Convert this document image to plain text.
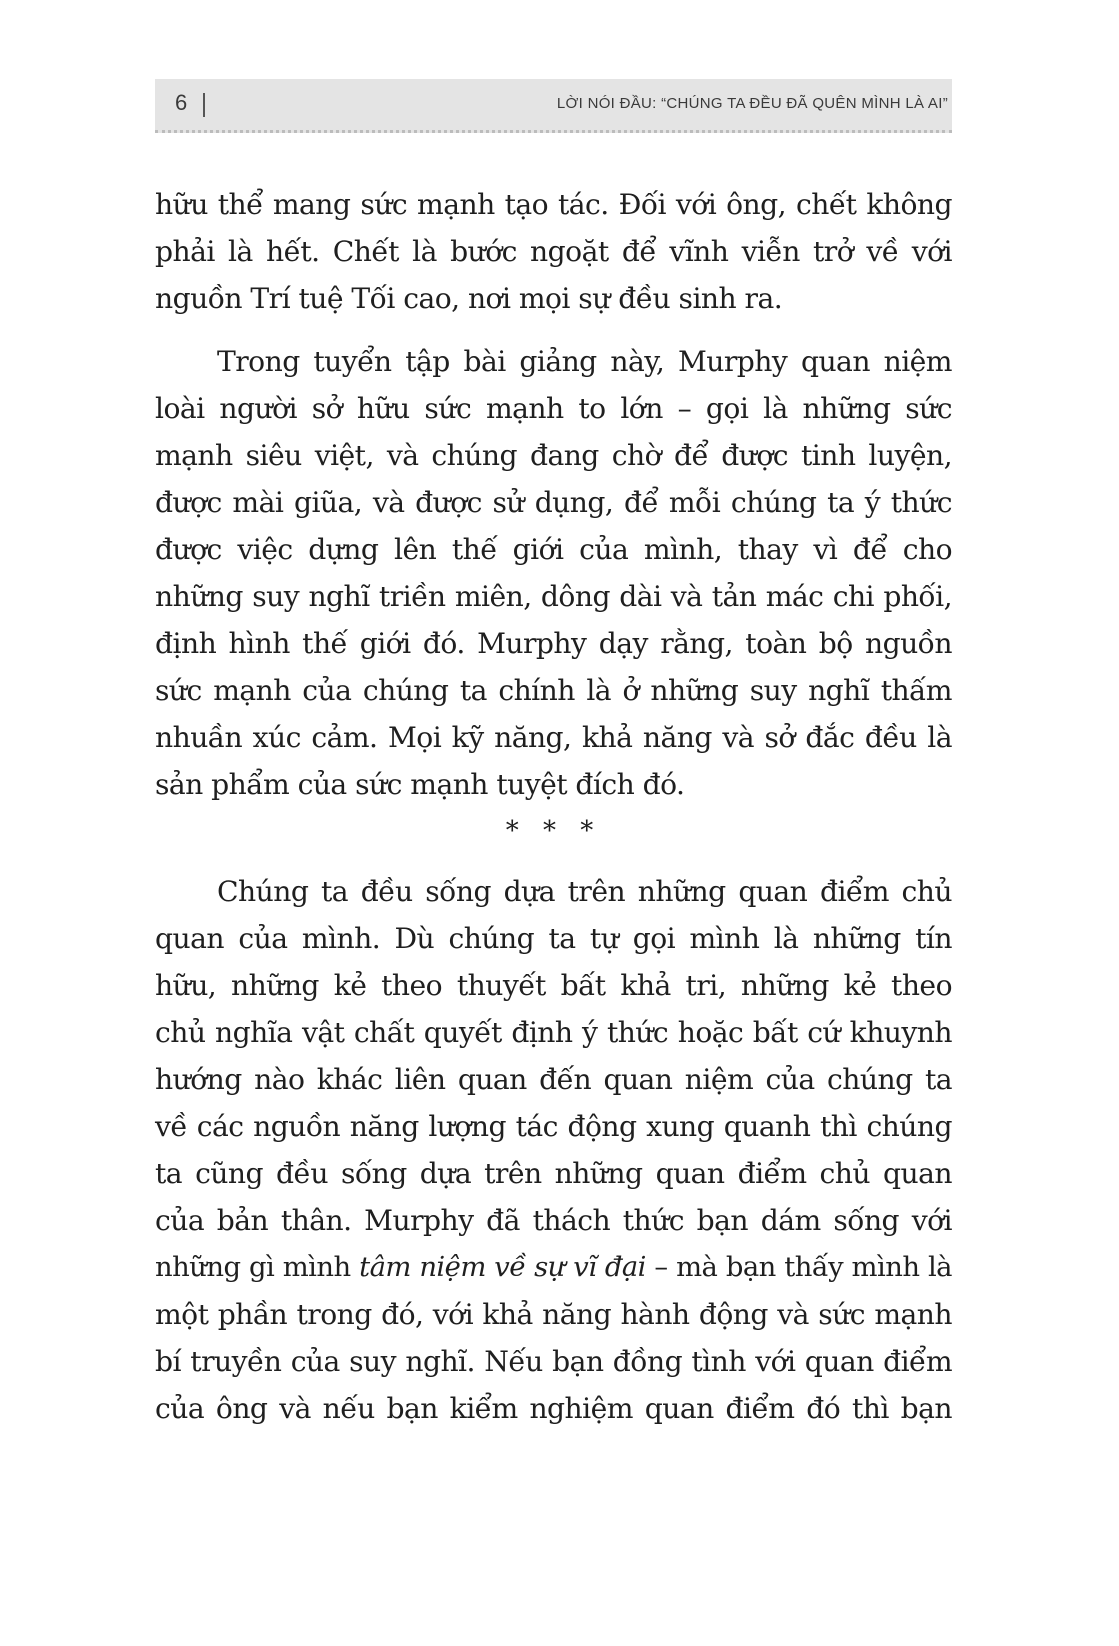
6	LỜI NÓI ĐẦU: “CHÚNG TA ĐỀU ĐÃ QUÊN MÌNH LÀ AI”

hữu thể mang sức mạnh tạo tác. Đối với ông, chết không
phải là hết. Chết là bước ngoặt để vĩnh viễn trở về với
nguồn Trí tuệ Tối cao, nơi mọi sự đều sinh ra.

Trong tuyển tập bài giảng này, Murphy quan niệm
loài người sở hữu sức mạnh to lớn – gọi là những sức
mạnh siêu việt, và chúng đang chờ để được tinh luyện,
được mài giũa, và được sử dụng, để mỗi chúng ta ý thức
được việc dựng lên thế giới của mình, thay vì để cho
những suy nghĩ triền miên, dông dài và tản mác chi phối,
định hình thế giới đó. Murphy dạy rằng, toàn bộ nguồn
sức mạnh của chúng ta chính là ở những suy nghĩ thấm
nhuần xúc cảm. Mọi kỹ năng, khả năng và sở đắc đều là
sản phẩm của sức mạnh tuyệt đích đó.

* * *

Chúng ta đều sống dựa trên những quan điểm chủ
quan của mình. Dù chúng ta tự gọi mình là những tín
hữu, những kẻ theo thuyết bất khả tri, những kẻ theo
chủ nghĩa vật chất quyết định ý thức hoặc bất cứ khuynh
hướng nào khác liên quan đến quan niệm của chúng ta
về các nguồn năng lượng tác động xung quanh thì chúng
ta cũng đều sống dựa trên những quan điểm chủ quan
của bản thân. Murphy đã thách thức bạn dám sống với
những gì mình tâm niệm về sự vĩ đại – mà bạn thấy mình là
một phần trong đó, với khả năng hành động và sức mạnh
bí truyền của suy nghĩ. Nếu bạn đồng tình với quan điểm
của ông và nếu bạn kiểm nghiệm quan điểm đó thì bạn
